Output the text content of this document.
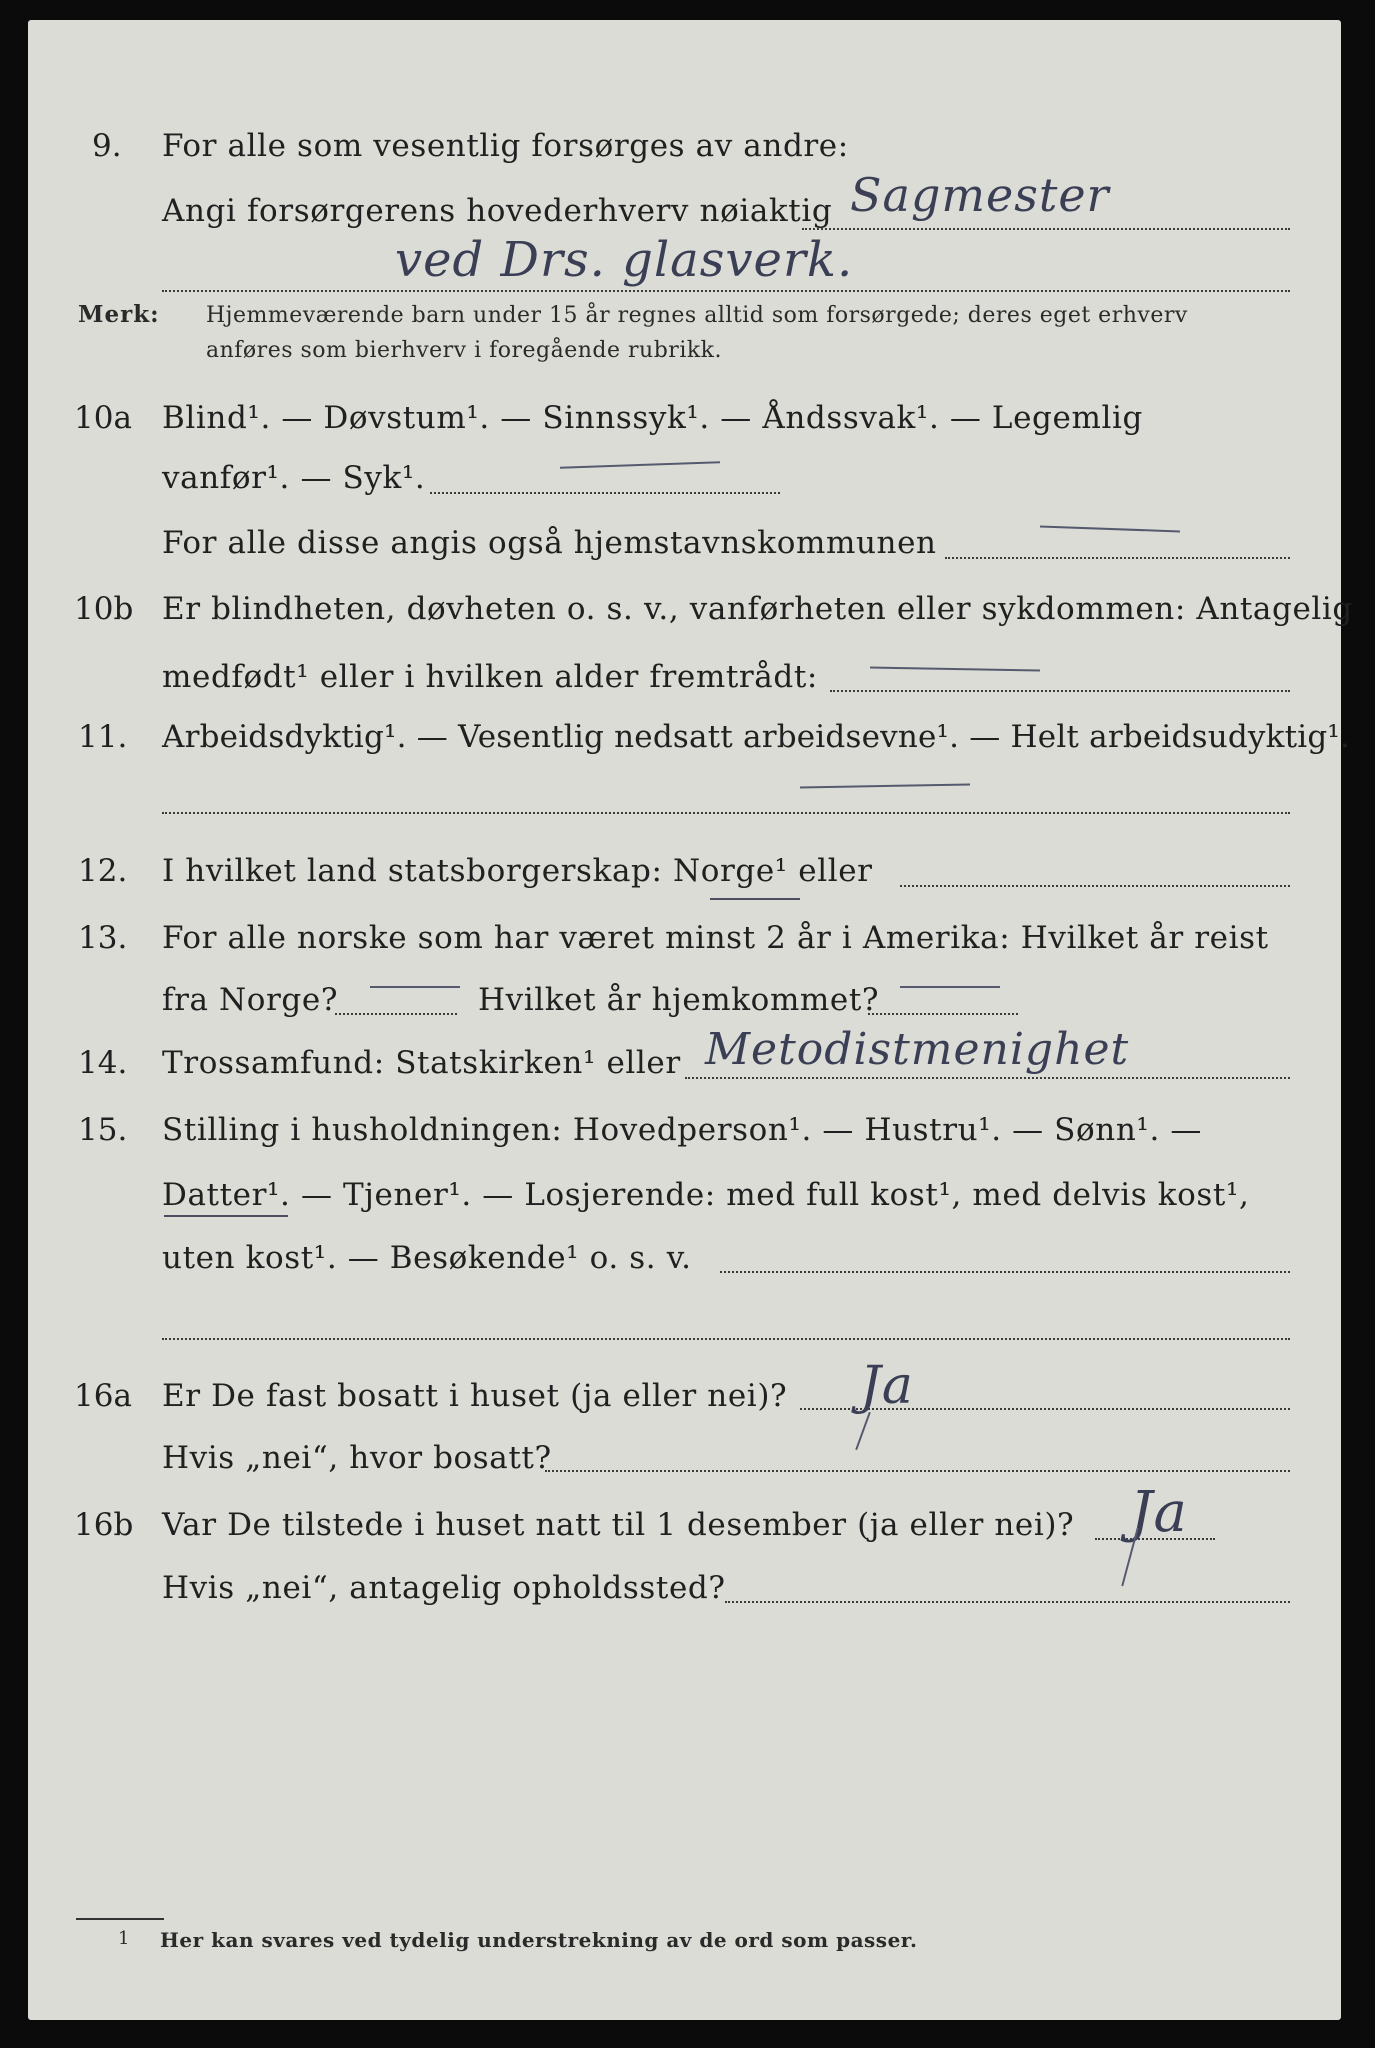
9. For alle som vesentlig forsørges av andre:
Angi forsørgerens hovederhverv nøiaktig Sagmester
ved Drs. glasverk.
Merk: Hjemmeværende barn under 15 år regnes alltid som forsørgede; deres eget erhverv
anføres som bierhverv i foregående rubrikk.
10a Blind¹. — Døvstum¹. — Sinnssyk¹. — Åndssvak¹. — Legemlig
vanfør¹. — Syk¹.
For alle disse angis også hjemstavnskommunen
10b Er blindheten, døvheten o. s. v., vanførheten eller sykdommen: Antagelig
medfødt¹ eller i hvilken alder fremtrådt:
11. Arbeidsdyktig¹. — Vesentlig nedsatt arbeidsevne¹. — Helt arbeidsudyktig¹.
12. I hvilket land statsborgerskap: Norge¹ eller
13. For alle norske som har været minst 2 år i Amerika: Hvilket år reist
fra Norge?	Hvilket år hjemkommet?
14. Trossamfund: Statskirken¹ eller Metodistmenighet
15. Stilling i husholdningen: Hovedperson¹. — Hustru¹. — Sønn¹. —
Datter¹. — Tjener¹. — Losjerende: med full kost¹, med delvis kost¹,
uten kost¹. — Besøkende¹ o. s. v.
16a Er De fast bosatt i huset (ja eller nei)? Ja
Hvis „nei“, hvor bosatt?
16b Var De tilstede i huset natt til 1 desember (ja eller nei)? Ja
Hvis „nei“, antagelig opholdssted?
1 Her kan svares ved tydelig understrekning av de ord som passer.
